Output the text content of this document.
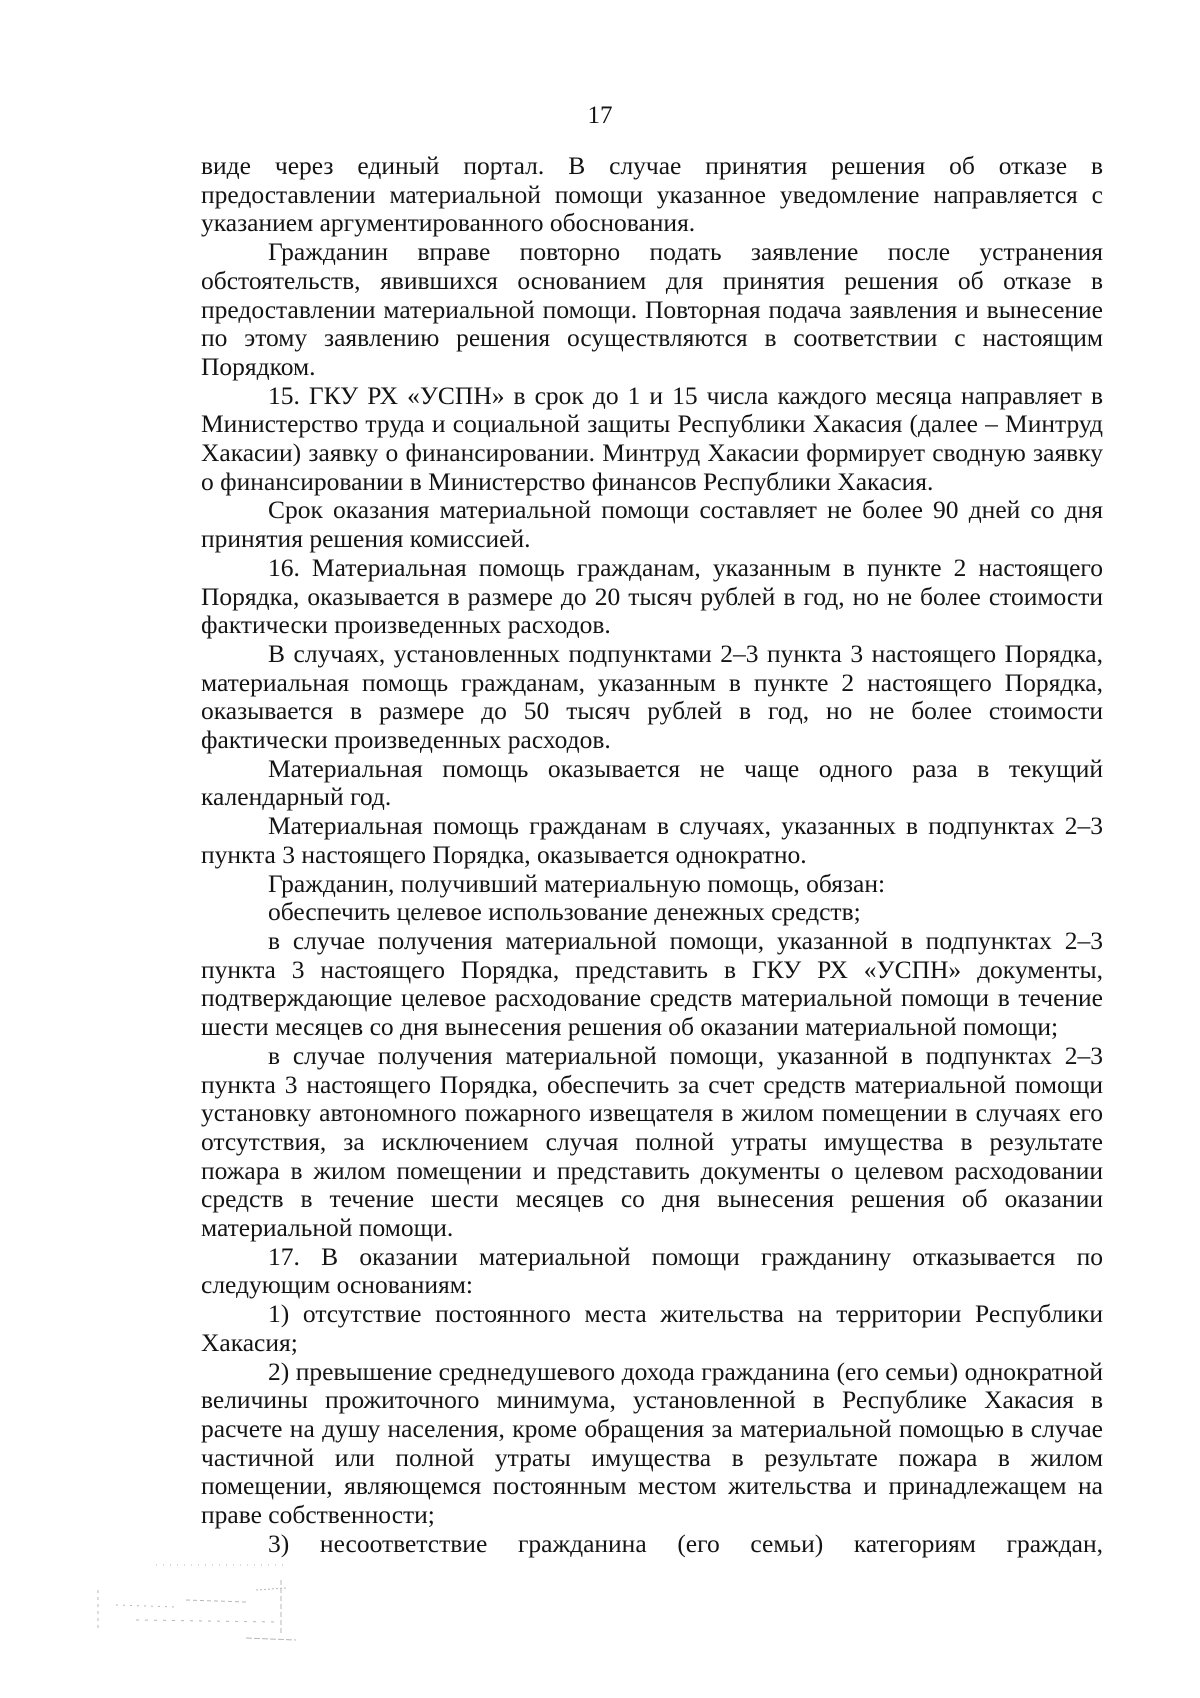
17

виде через единый портал. В случае принятия решения об отказе в предоставлении материальной помощи указанное уведомление направляется с указанием аргументированного обоснования.

Гражданин вправе повторно подать заявление после устранения обстоятельств, явившихся основанием для принятия решения об отказе в предоставлении материальной помощи. Повторная подача заявления и вынесение по этому заявлению решения осуществляются в соответствии с настоящим Порядком.

15. ГКУ РХ «УСПН» в срок до 1 и 15 числа каждого месяца направляет в Министерство труда и социальной защиты Республики Хакасия (далее – Минтруд Хакасии) заявку о финансировании. Минтруд Хакасии формирует сводную заявку о финансировании в Министерство финансов Республики Хакасия.

Срок оказания материальной помощи составляет не более 90 дней со дня принятия решения комиссией.

16. Материальная помощь гражданам, указанным в пункте 2 настоящего Порядка, оказывается в размере до 20 тысяч рублей в год, но не более стоимости фактически произведенных расходов.

В случаях, установленных подпунктами 2–3 пункта 3 настоящего Порядка, материальная помощь гражданам, указанным в пункте 2 настоящего Порядка, оказывается в размере до 50 тысяч рублей в год, но не более стоимости фактически произведенных расходов.

Материальная помощь оказывается не чаще одного раза в текущий календарный год.

Материальная помощь гражданам в случаях, указанных в подпунктах 2–3 пункта 3 настоящего Порядка, оказывается однократно.

Гражданин, получивший материальную помощь, обязан:

обеспечить целевое использование денежных средств;

в случае получения материальной помощи, указанной в подпунктах 2–3 пункта 3 настоящего Порядка, представить в ГКУ РХ «УСПН» документы, подтверждающие целевое расходование средств материальной помощи в течение шести месяцев со дня вынесения решения об оказании материальной помощи;

в случае получения материальной помощи, указанной в подпунктах 2–3 пункта 3 настоящего Порядка, обеспечить за счет средств материальной помощи установку автономного пожарного извещателя в жилом помещении в случаях его отсутствия, за исключением случая полной утраты имущества в результате пожара в жилом помещении и представить документы о целевом расходовании средств в течение шести месяцев со дня вынесения решения об оказании материальной помощи.

17. В оказании материальной помощи гражданину отказывается по следующим основаниям:

1) отсутствие постоянного места жительства на территории Республики Хакасия;

2) превышение среднедушевого дохода гражданина (его семьи) однократной величины прожиточного минимума, установленной в Республике Хакасия в расчете на душу населения, кроме обращения за материальной помощью в случае частичной или полной утраты имущества в результате пожара в жилом помещении, являющемся постоянным местом жительства и принадлежащем на праве собственности;

3) несоответствие гражданина (его семьи) категориям граждан,
